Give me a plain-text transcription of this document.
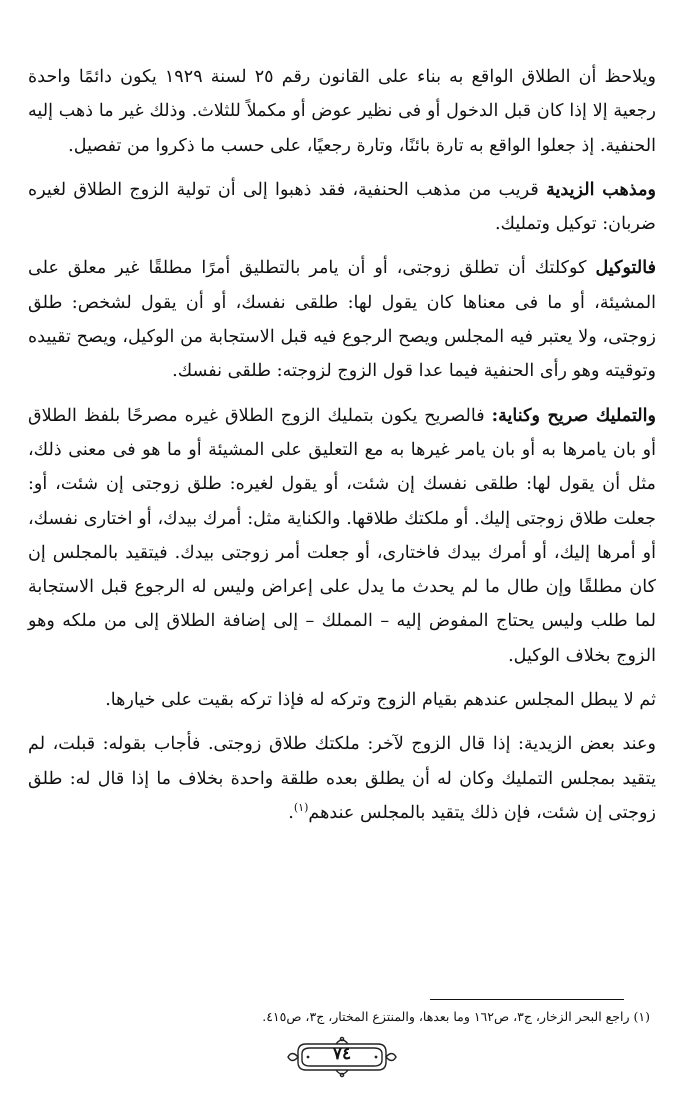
ويلاحظ أن الطلاق الواقع به بناء على القانون رقم ٢٥ لسنة ١٩٢٩ يكون دائمًا واحدة رجعية إلا إذا كان قبل الدخول أو فى نظير عوض أو مكملاً للثلاث. وذلك غير ما ذهب إليه الحنفية. إذ جعلوا الواقع به تارة بائنًا، وتارة رجعيًا، على حسب ما ذكروا من تفصيل.

ومذهب الزيدية قريب من مذهب الحنفية، فقد ذهبوا إلى أن تولية الزوج الطلاق لغيره ضربان: توكيل وتمليك.

فالتوكيل كوكلتك أن تطلق زوجتى، أو أن يامر بالتطليق أمرًا مطلقًا غير معلق على المشيئة، أو ما فى معناها كان يقول لها: طلقى نفسك، أو أن يقول لشخص: طلق زوجتى، ولا يعتبر فيه المجلس ويصح الرجوع فيه قبل الاستجابة من الوكيل، ويصح تقييده وتوقيته وهو رأى الحنفية فيما عدا قول الزوج لزوجته: طلقى نفسك.

والتمليك صريح وكناية: فالصريح يكون بتمليك الزوج الطلاق غيره مصرحًا بلفظ الطلاق أو بان يامرها به أو بان يامر غيرها به مع التعليق على المشيئة أو ما هو فى معنى ذلك، مثل أن يقول لها: طلقى نفسك إن شئت، أو يقول لغيره: طلق زوجتى إن شئت، أو: جعلت طلاق زوجتى إليك. أو ملكتك طلاقها. والكناية مثل: أمرك بيدك، أو اختارى نفسك، أو أمرها إليك، أو أمرك بيدك فاختارى، أو جعلت أمر زوجتى بيدك. فيتقيد بالمجلس إن كان مطلقًا وإن طال ما لم يحدث ما يدل على إعراض وليس له الرجوع قبل الاستجابة لما طلب وليس يحتاج المفوض إليه – المملك – إلى إضافة الطلاق إلى من ملكه وهو الزوج بخلاف الوكيل.

ثم لا يبطل المجلس عندهم بقيام الزوج وتركه له فإذا تركه بقيت على خيارها.

وعند بعض الزيدية: إذا قال الزوج لآخر: ملكتك طلاق زوجتى. فأجاب بقوله: قبلت، لم يتقيد بمجلس التمليك وكان له أن يطلق بعده طلقة واحدة بخلاف ما إذا قال له: طلق زوجتى إن شئت، فإن ذلك يتقيد بالمجلس عندهم$^{(١)}$.

(١) راجع البحر الزخار، ج٣، ص١٦٢ وما بعدها، والمنتزع المختار، ج٣، ص٤١٥.
٧٤
